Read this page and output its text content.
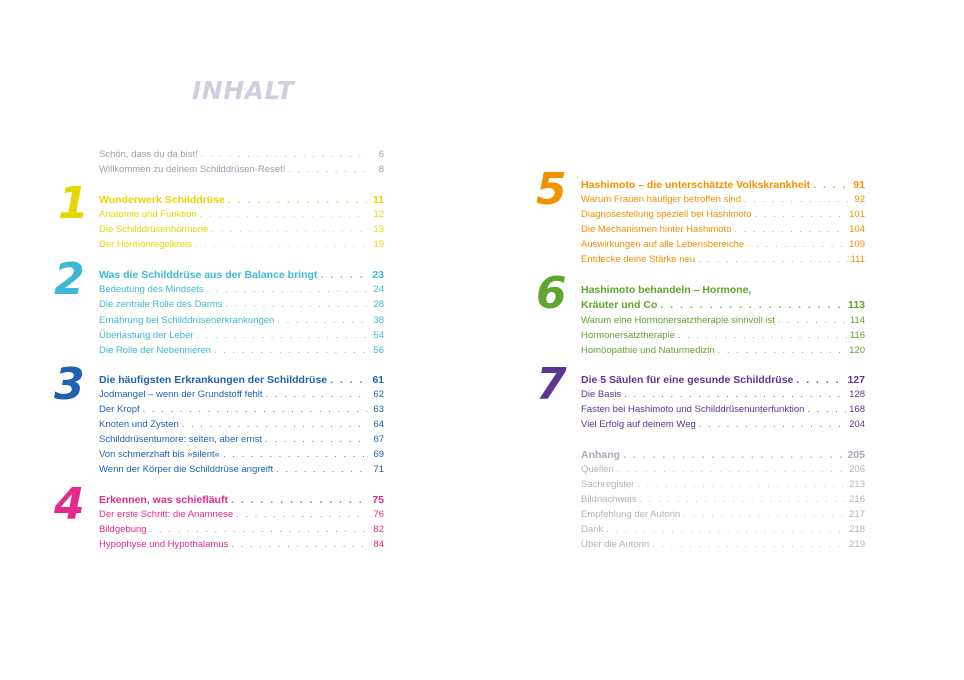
INHALT
Schön, dass du da bist! . . .	6
Willkommen zu deinem Schilddrüsen-Reset! . . .	8
1 Wunderwerk Schilddrüse . . .	11
Anatomie und Funktion . . .	12
Die Schilddrüsenhormone . . .	13
Der Hormonregelkreis . . .	19
2 Was die Schilddrüse aus der Balance bringt . . .	23
Bedeutung des Mindsets . . .	24
Die zentrale Rolle des Darms . . .	28
Ernährung bei Schilddrüsenerkrankungen . . .	38
Überlastung der Leber . . .	54
Die Rolle der Nebennieren . . .	56
3 Die häufigsten Erkrankungen der Schilddrüse . . .	61
Jodmangel – wenn der Grundstoff fehlt . . .	62
Der Kropf . . .	63
Knoten und Zysten . . .	64
Schilddrüsentumore: selten, aber ernst . . .	67
Von schmerzhaft bis »silent« . . .	69
Wenn der Körper die Schilddrüse angreift . . .	71
4 Erkennen, was schiefläuft . . .	75
Der erste Schritt: die Anamnese . . .	76
Bildgebung . . .	82
Hypophyse und Hypothalamus . . .	84
5 Hashimoto – die unterschätzte Volkskrankheit . . .	91
Warum Frauen häufiger betroffen sind . . .	92
Diagnosestellung speziell bei Hashimoto . . .	101
Die Mechanismen hinter Hashimoto . . .	104
Auswirkungen auf alle Lebensbereiche . . .	109
Entdecke deine Stärke neu . . .	111
6 Hashimoto behandeln – Hormone,
Kräuter und Co . . .	113
Warum eine Hormonersatztherapie sinnvoll ist . . .	114
Hormonersatztherapie . . .	116
Homöopathie und Naturmedizin . . .	120
7 Die 5 Säulen für eine gesunde Schilddrüse . . .	127
Die Basis . . .	128
Fasten bei Hashimoto und Schilddrüsenunterfunktion . . .	168
Viel Erfolg auf deinem Weg . . .	204
Anhang . . .	205
Quellen . . .	206
Sachregister . . .	213
Bildnachweis . . .	216
Empfehlung der Autorin . . .	217
Dank . . .	218
Über die Autorin . . .	219
